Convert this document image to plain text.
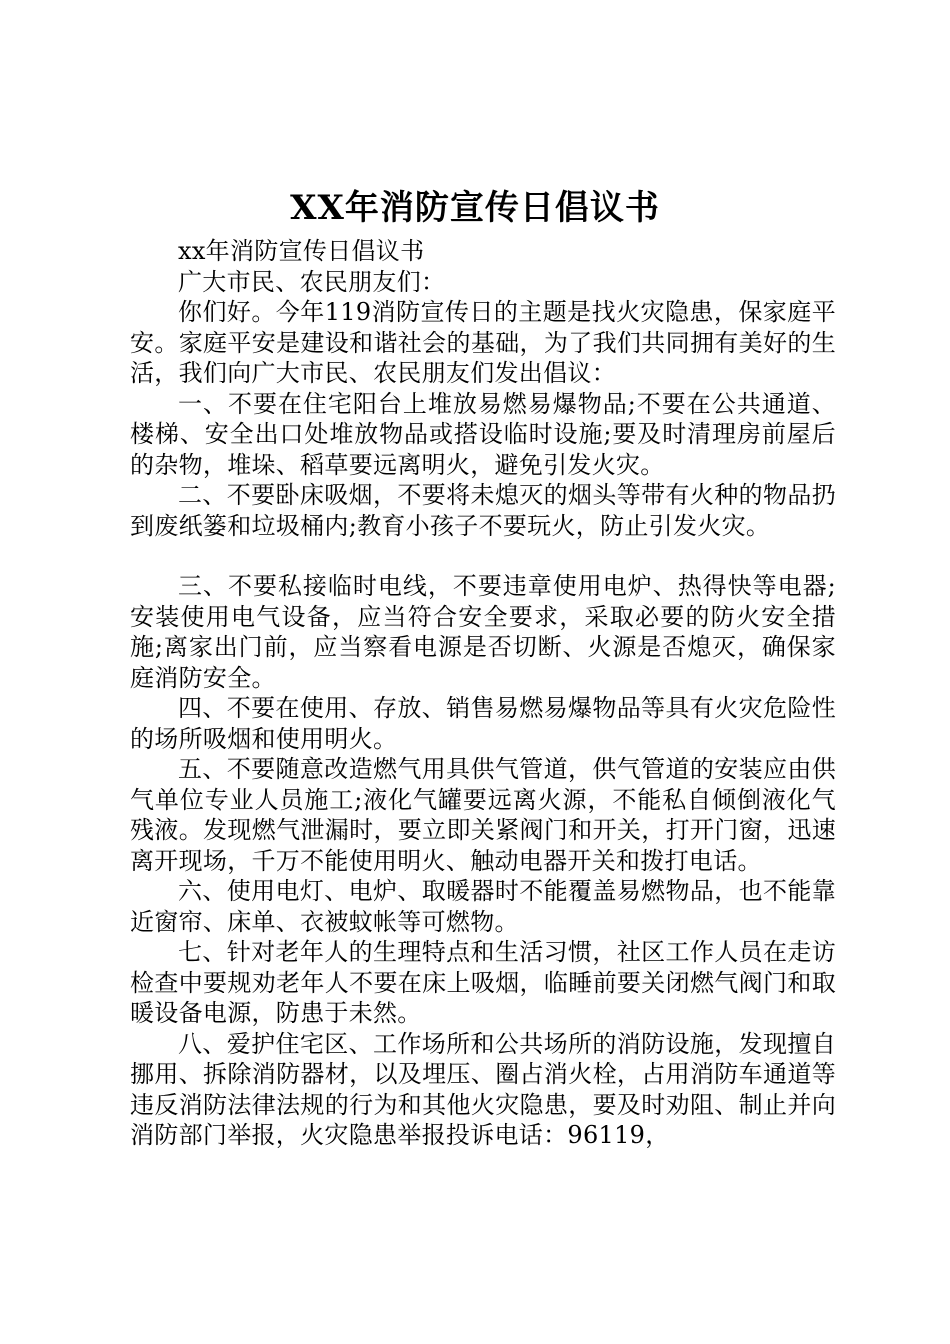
XX年消防宣传日倡议书

xx年消防宣传日倡议书

广大市民、农民朋友们：

你们好。今年119消防宣传日的主题是找火灾隐患，保家庭平安。家庭平安是建设和谐社会的基础，为了我们共同拥有美好的生活，我们向广大市民、农民朋友们发出倡议：

一、不要在住宅阳台上堆放易燃易爆物品;不要在公共通道、楼梯、安全出口处堆放物品或搭设临时设施;要及时清理房前屋后的杂物，堆垛、稻草要远离明火，避免引发火灾。

二、不要卧床吸烟，不要将未熄灭的烟头等带有火种的物品扔到废纸篓和垃圾桶内;教育小孩子不要玩火，防止引发火灾。

三、不要私接临时电线，不要违章使用电炉、热得快等电器;安装使用电气设备，应当符合安全要求，采取必要的防火安全措施;离家出门前，应当察看电源是否切断、火源是否熄灭，确保家庭消防安全。

四、不要在使用、存放、销售易燃易爆物品等具有火灾危险性的场所吸烟和使用明火。

五、不要随意改造燃气用具供气管道，供气管道的安装应由供气单位专业人员施工;液化气罐要远离火源，不能私自倾倒液化气残液。发现燃气泄漏时，要立即关紧阀门和开关，打开门窗，迅速离开现场，千万不能使用明火、触动电器开关和拨打电话。

六、使用电灯、电炉、取暖器时不能覆盖易燃物品，也不能靠近窗帘、床单、衣被蚊帐等可燃物。

七、针对老年人的生理特点和生活习惯，社区工作人员在走访检查中要规劝老年人不要在床上吸烟，临睡前要关闭燃气阀门和取暖设备电源，防患于未然。

八、爱护住宅区、工作场所和公共场所的消防设施，发现擅自挪用、拆除消防器材，以及埋压、圈占消火栓，占用消防车通道等违反消防法律法规的行为和其他火灾隐患，要及时劝阻、制止并向消防部门举报，火灾隐患举报投诉电话：96119，
